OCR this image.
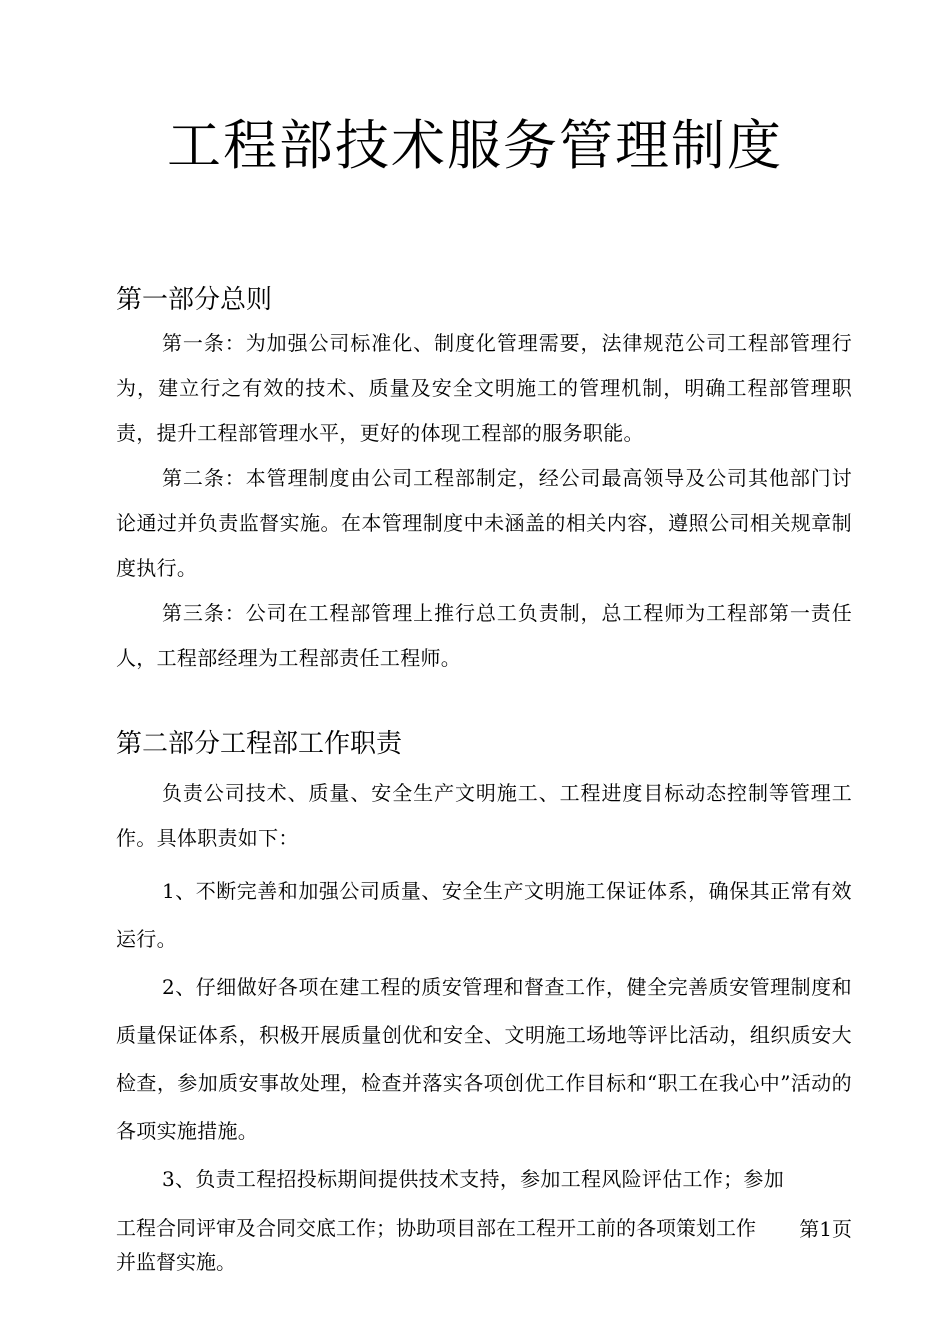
工程部技术服务管理制度
第一部分总则

第一条：为加强公司标准化、制度化管理需要，法律规范公司工程部管理行为，建立行之有效的技术、质量及安全文明施工的管理机制，明确工程部管理职责，提升工程部管理水平，更好的体现工程部的服务职能。

第二条：本管理制度由公司工程部制定，经公司最高领导及公司其他部门讨论通过并负责监督实施。在本管理制度中未涵盖的相关内容，遵照公司相关规章制度执行。

第三条：公司在工程部管理上推行总工负责制，总工程师为工程部第一责任人，工程部经理为工程部责任工程师。

第二部分工程部工作职责

负责公司技术、质量、安全生产文明施工、工程进度目标动态控制等管理工作。具体职责如下：

1、不断完善和加强公司质量、安全生产文明施工保证体系，确保其正常有效运行。

2、仔细做好各项在建工程的质安管理和督查工作，健全完善质安管理制度和质量保证体系，积极开展质量创优和安全、文明施工场地等评比活动，组织质安大检查，参加质安事故处理，检查并落实各项创优工作目标和“职工在我心中”活动的各项实施措施。

3、负责工程招投标期间提供技术支持，参加工程风险评估工作；参加

工程合同评审及合同交底工作；协助项目部在工程开工前的各项策划工作

并监督实施。

第1页
